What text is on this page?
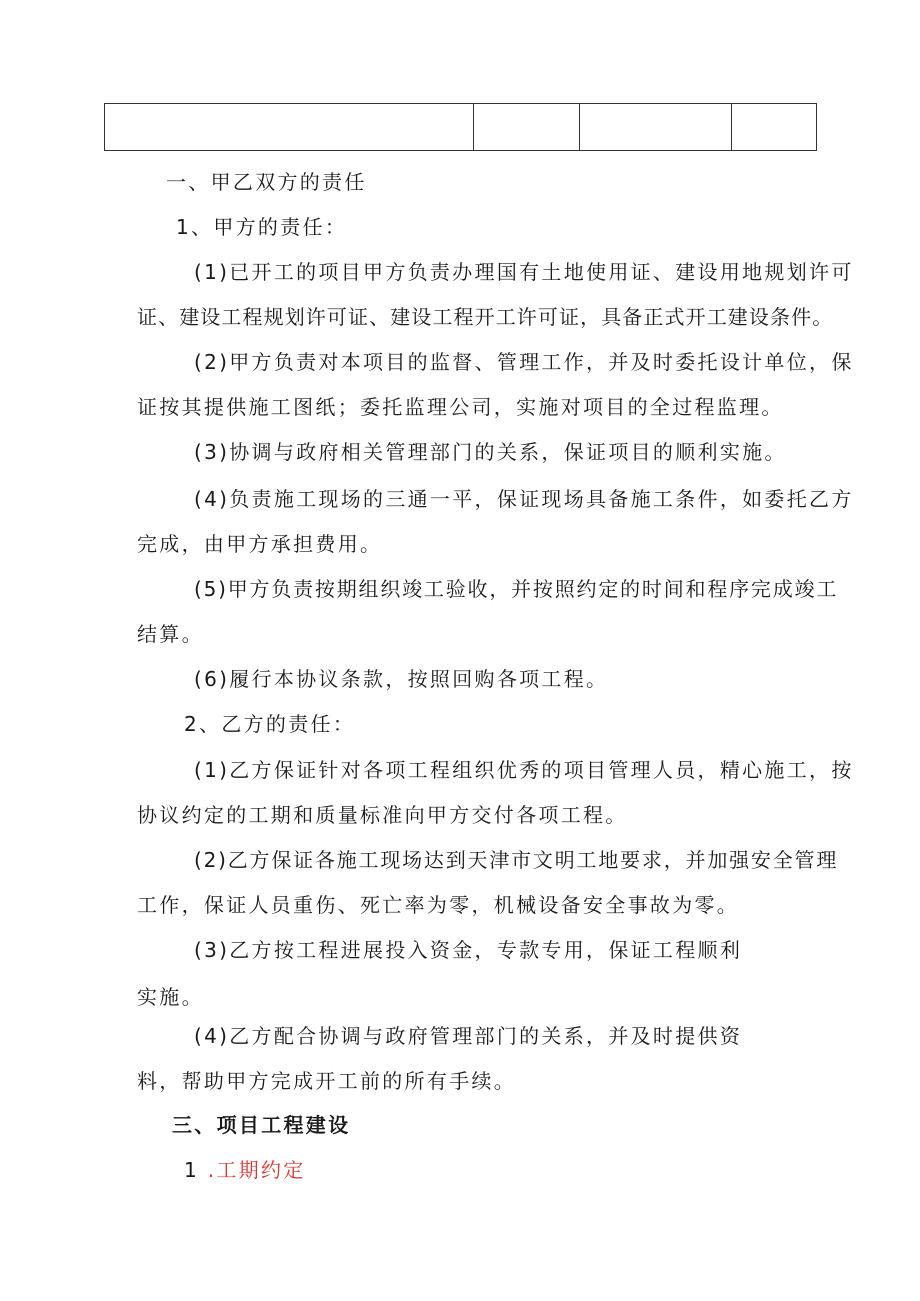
一、甲乙双方的责任
1、甲方的责任：
(1)已开工的项目甲方负责办理国有土地使用证、建设用地规划许可
证、建设工程规划许可证、建设工程开工许可证，具备正式开工建设条件。
(2)甲方负责对本项目的监督、管理工作，并及时委托设计单位，保
证按其提供施工图纸；委托监理公司，实施对项目的全过程监理。
(3)协调与政府相关管理部门的关系，保证项目的顺利实施。
(4)负责施工现场的三通一平，保证现场具备施工条件，如委托乙方
完成，由甲方承担费用。
(5)甲方负责按期组织竣工验收，并按照约定的时间和程序完成竣工
结算。
(6)履行本协议条款，按照回购各项工程。
2、乙方的责任：
(1)乙方保证针对各项工程组织优秀的项目管理人员，精心施工，按
协议约定的工期和质量标准向甲方交付各项工程。
(2)乙方保证各施工现场达到天津市文明工地要求，并加强安全管理
工作，保证人员重伤、死亡率为零，机械设备安全事故为零。
(3)乙方按工程进展投入资金，专款专用，保证工程顺利
实施。
(4)乙方配合协调与政府管理部门的关系，并及时提供资
料，帮助甲方完成开工前的所有手续。
三、项目工程建设
1 .工期约定
